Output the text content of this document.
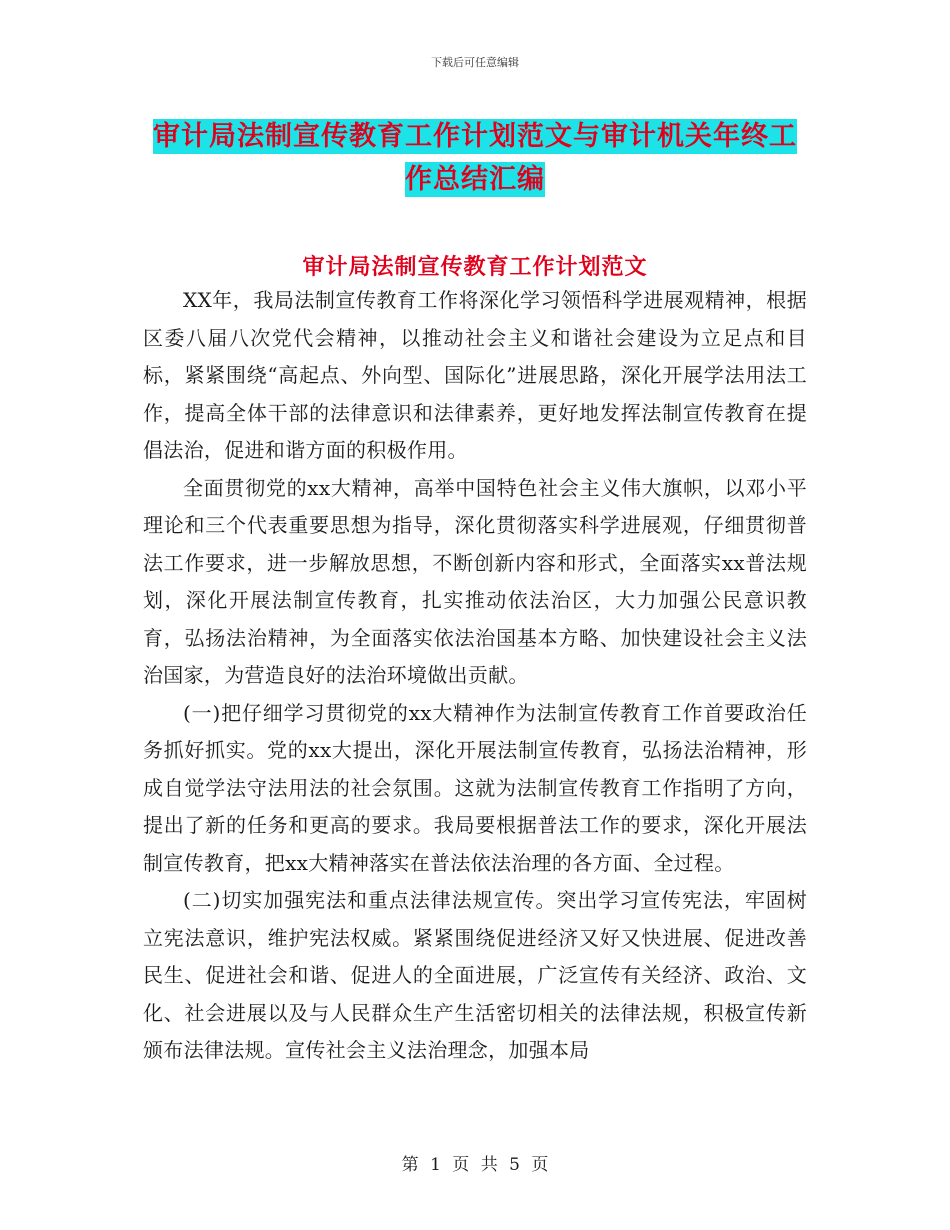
下载后可任意编辑
审计局法制宣传教育工作计划范文与审计机关年终工
作总结汇编
审计局法制宣传教育工作计划范文

XX年，我局法制宣传教育工作将深化学习领悟科学进展观精神，根据区委八届八次党代会精神，以推动社会主义和谐社会建设为立足点和目标，紧紧围绕“高起点、外向型、国际化”进展思路，深化开展学法用法工作，提高全体干部的法律意识和法律素养，更好地发挥法制宣传教育在提倡法治，促进和谐方面的积极作用。

全面贯彻党的xx大精神，高举中国特色社会主义伟大旗帜，以邓小平理论和三个代表重要思想为指导，深化贯彻落实科学进展观，仔细贯彻普法工作要求，进一步解放思想，不断创新内容和形式，全面落实xx普法规划，深化开展法制宣传教育，扎实推动依法治区，大力加强公民意识教育，弘扬法治精神，为全面落实依法治国基本方略、加快建设社会主义法治国家，为营造良好的法治环境做出贡献。

(一)把仔细学习贯彻党的xx大精神作为法制宣传教育工作首要政治任务抓好抓实。党的xx大提出，深化开展法制宣传教育，弘扬法治精神，形成自觉学法守法用法的社会氛围。这就为法制宣传教育工作指明了方向，提出了新的任务和更高的要求。我局要根据普法工作的要求，深化开展法制宣传教育，把xx大精神落实在普法依法治理的各方面、全过程。

(二)切实加强宪法和重点法律法规宣传。突出学习宣传宪法，牢固树立宪法意识，维护宪法权威。紧紧围绕促进经济又好又快进展、促进改善民生、促进社会和谐、促进人的全面进展，广泛宣传有关经济、政治、文化、社会进展以及与人民群众生产生活密切相关的法律法规，积极宣传新颁布法律法规。宣传社会主义法治理念，加强本局

第 1 页 共 5 页
